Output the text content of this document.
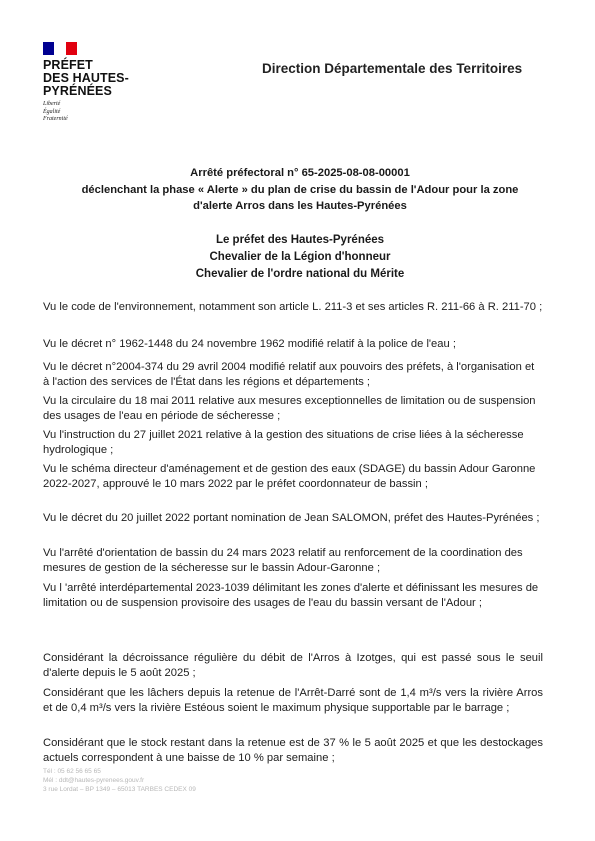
PRÉFET
DES HAUTES-
PYRÉNÉES
Liberté
Égalité
Fraternité
Direction Départementale des Territoires
Arrêté préfectoral n° 65-2025-08-08-00001
déclenchant la phase « Alerte » du plan de crise du bassin de l'Adour pour la zone
d'alerte Arros dans les Hautes-Pyrénées
Le préfet des Hautes-Pyrénées
Chevalier de la Légion d'honneur
Chevalier de l'ordre national du Mérite
Vu le code de l'environnement, notamment son article L. 211-3 et ses articles R. 211-66 à R. 211-70 ;
Vu le décret n° 1962-1448 du 24 novembre 1962 modifié relatif à la police de l'eau ;
Vu le décret n°2004-374 du 29 avril 2004 modifié relatif aux pouvoirs des préfets, à l'organisation et à l'action des services de l'État dans les régions et départements ;
Vu la circulaire du 18 mai 2011 relative aux mesures exceptionnelles de limitation ou de suspension des usages de l'eau en période de sécheresse ;
Vu l'instruction du 27 juillet 2021 relative à la gestion des situations de crise liées à la sécheresse hydrologique ;
Vu le schéma directeur d'aménagement et de gestion des eaux (SDAGE) du bassin Adour Garonne 2022-2027, approuvé le 10 mars 2022 par le préfet coordonnateur de bassin ;
Vu le décret du 20 juillet 2022 portant nomination de Jean SALOMON, préfet des Hautes-Pyrénées ;
Vu l'arrêté d'orientation de bassin du 24 mars 2023 relatif au renforcement de la coordination des mesures de gestion de la sécheresse sur le bassin Adour-Garonne ;
Vu l 'arrêté interdépartemental 2023-1039 délimitant les zones d'alerte et définissant les mesures de limitation ou de suspension provisoire des usages de l'eau du bassin versant de l'Adour ;
Considérant la décroissance régulière du débit de l'Arros à Izotges, qui est passé sous le seuil d'alerte depuis le 5 août 2025 ;
Considérant que les lâchers depuis la retenue de l'Arrêt-Darré sont de 1,4 m³/s vers la rivière Arros et de 0,4 m³/s vers la rivière Estéous soient le maximum physique supportable par le barrage ;
Considérant que le stock restant dans la retenue est de 37 % le 5 août 2025 et que les destockages actuels correspondent à une baisse de 10 % par semaine ;
Tél : 05 62 56 65 65
Mél : ddt@hautes-pyrenees.gouv.fr
3 rue Lordat – BP 1349 – 65013 TARBES CEDEX 09
